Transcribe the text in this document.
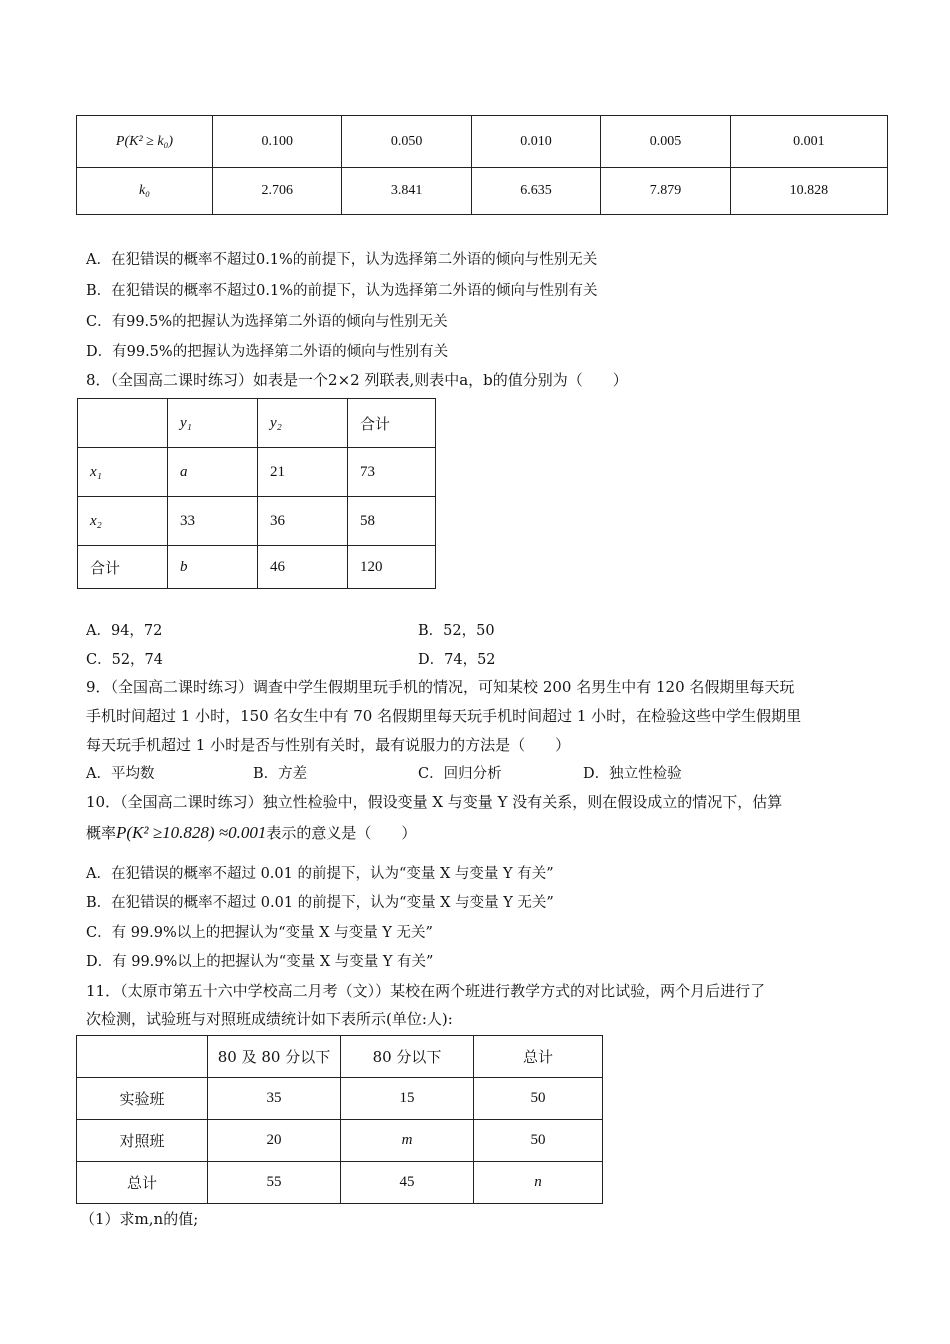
P(K² ≥ k₀)	0.100	0.050	0.010	0.005	0.001
k₀	2.706	3.841	6.635	7.879	10.828
A．在犯错误的概率不超过0.1%的前提下，认为选择第二外语的倾向与性别无关
B．在犯错误的概率不超过0.1%的前提下，认为选择第二外语的倾向与性别有关
C．有99.5%的把握认为选择第二外语的倾向与性别无关
D．有99.5%的把握认为选择第二外语的倾向与性别有关
8．（全国高二课时练习）如表是一个2×2 列联表,则表中a，b的值分别为（　　）
	y₁	y₂	合计
x₁	a	21	73
x₂	33	36	58
合计	b	46	120
A．94，72	B．52，50
C．52，74	D．74，52
9．（全国高二课时练习）调查中学生假期里玩手机的情况，可知某校 200 名男生中有 120 名假期里每天玩
手机时间超过 1 小时，150 名女生中有 70 名假期里每天玩手机时间超过 1 小时，在检验这些中学生假期里
每天玩手机超过 1 小时是否与性别有关时，最有说服力的方法是（　　）
A．平均数	B．方差	C．回归分析	D．独立性检验
10．（全国高二课时练习）独立性检验中，假设变量 X 与变量 Y 没有关系，则在假设成立的情况下，估算
概率P(K² ≥10.828) ≈0.001表示的意义是（　　）
A．在犯错误的概率不超过 0.01 的前提下，认为“变量 X 与变量 Y 有关”
B．在犯错误的概率不超过 0.01 的前提下，认为“变量 X 与变量 Y 无关”
C．有 99.9%以上的把握认为“变量 X 与变量 Y 无关”
D．有 99.9%以上的把握认为“变量 X 与变量 Y 有关”
11．（太原市第五十六中学校高二月考（文））某校在两个班进行教学方式的对比试验，两个月后进行了
次检测，试验班与对照班成绩统计如下表所示(单位:人):
	80 及 80 分以下	80 分以下	总计
实验班	35	15	50
对照班	20	m	50
总计	55	45	n
（1）求m,n的值;
